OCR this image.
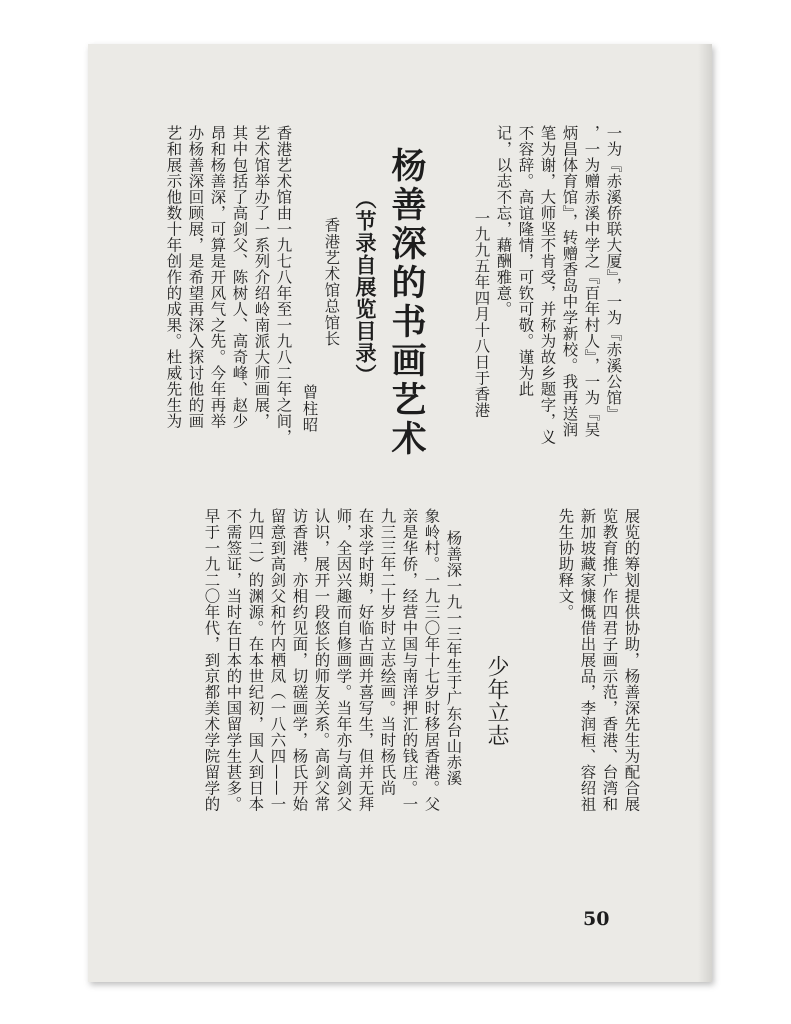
一为『赤溪侨联大厦』，一为『赤溪公馆』
，一为赠赤溪中学之『百年村人』，一为『吴
炳昌体育馆』，转赠香岛中学新校。我再送润
笔为谢，大师坚不肯受，并称为故乡题字，义
不容辞。高谊隆情，可钦可敬。谨为此
记，以志不忘，藉酬雅意。
一九九五年四月十八日于香港
杨善深的书画艺术
（节录自展览目录）
香港艺术馆总馆长
曾柱昭
香港艺术馆由一九七八年至一九八二年之间，
艺术馆举办了一系列介绍岭南派大师画展，
其中包括了高剑父、陈树人、高奇峰、赵少
昂和杨善深，可算是开风气之先。今年再举
办杨善深回顾展，是希望再深入探讨他的画
艺和展示他数十年创作的成果。杜威先生为
展览的筹划提供协助，杨善深先生为配合展
览教育推广作四君子画示范，香港、台湾和
新加坡藏家慷慨借出展品，李润桓、容绍祖
先生协助释文。
少年立志
杨善深一九一三年生于广东台山赤溪
象岭村。一九三〇年十七岁时移居香港。父
亲是华侨，经营中国与南洋押汇的钱庄。一
九三三年二十岁时立志绘画。当时杨氏尚
在求学时期，好临古画并喜写生，但并无拜
师，全因兴趣而自修画学。当年亦与高剑父
认识，展开一段悠长的师友关系。高剑父常
访香港，亦相约见面，切磋画学，杨氏开始
留意到高剑父和竹内栖凤（一八六四——一
九四二）的渊源。在本世纪初，国人到日本
不需签证，当时在日本的中国留学生甚多。
早于一九二〇年代，到京都美术学院留学的
50
